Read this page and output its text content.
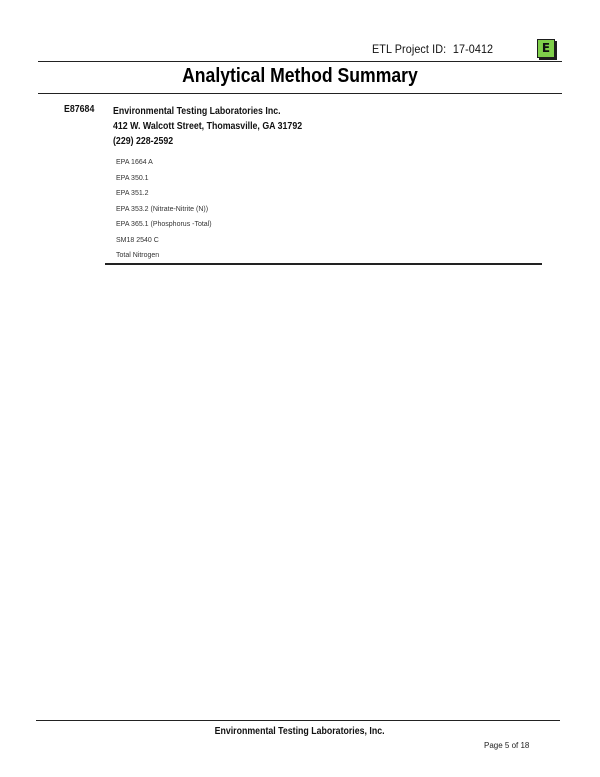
ETL Project ID: 17-0412	E
Analytical Method Summary
E87684 Environmental Testing Laboratories Inc.
412 W. Walcott Street, Thomasville, GA 31792
(229) 228-2592
EPA 1664 A
EPA 350.1
EPA 351.2
EPA 353.2 (Nitrate-Nitrite (N))
EPA 365.1 (Phosphorus -Total)
SM18 2540 C
Total Nitrogen
Environmental Testing Laboratories, Inc.
Page 5 of 18
